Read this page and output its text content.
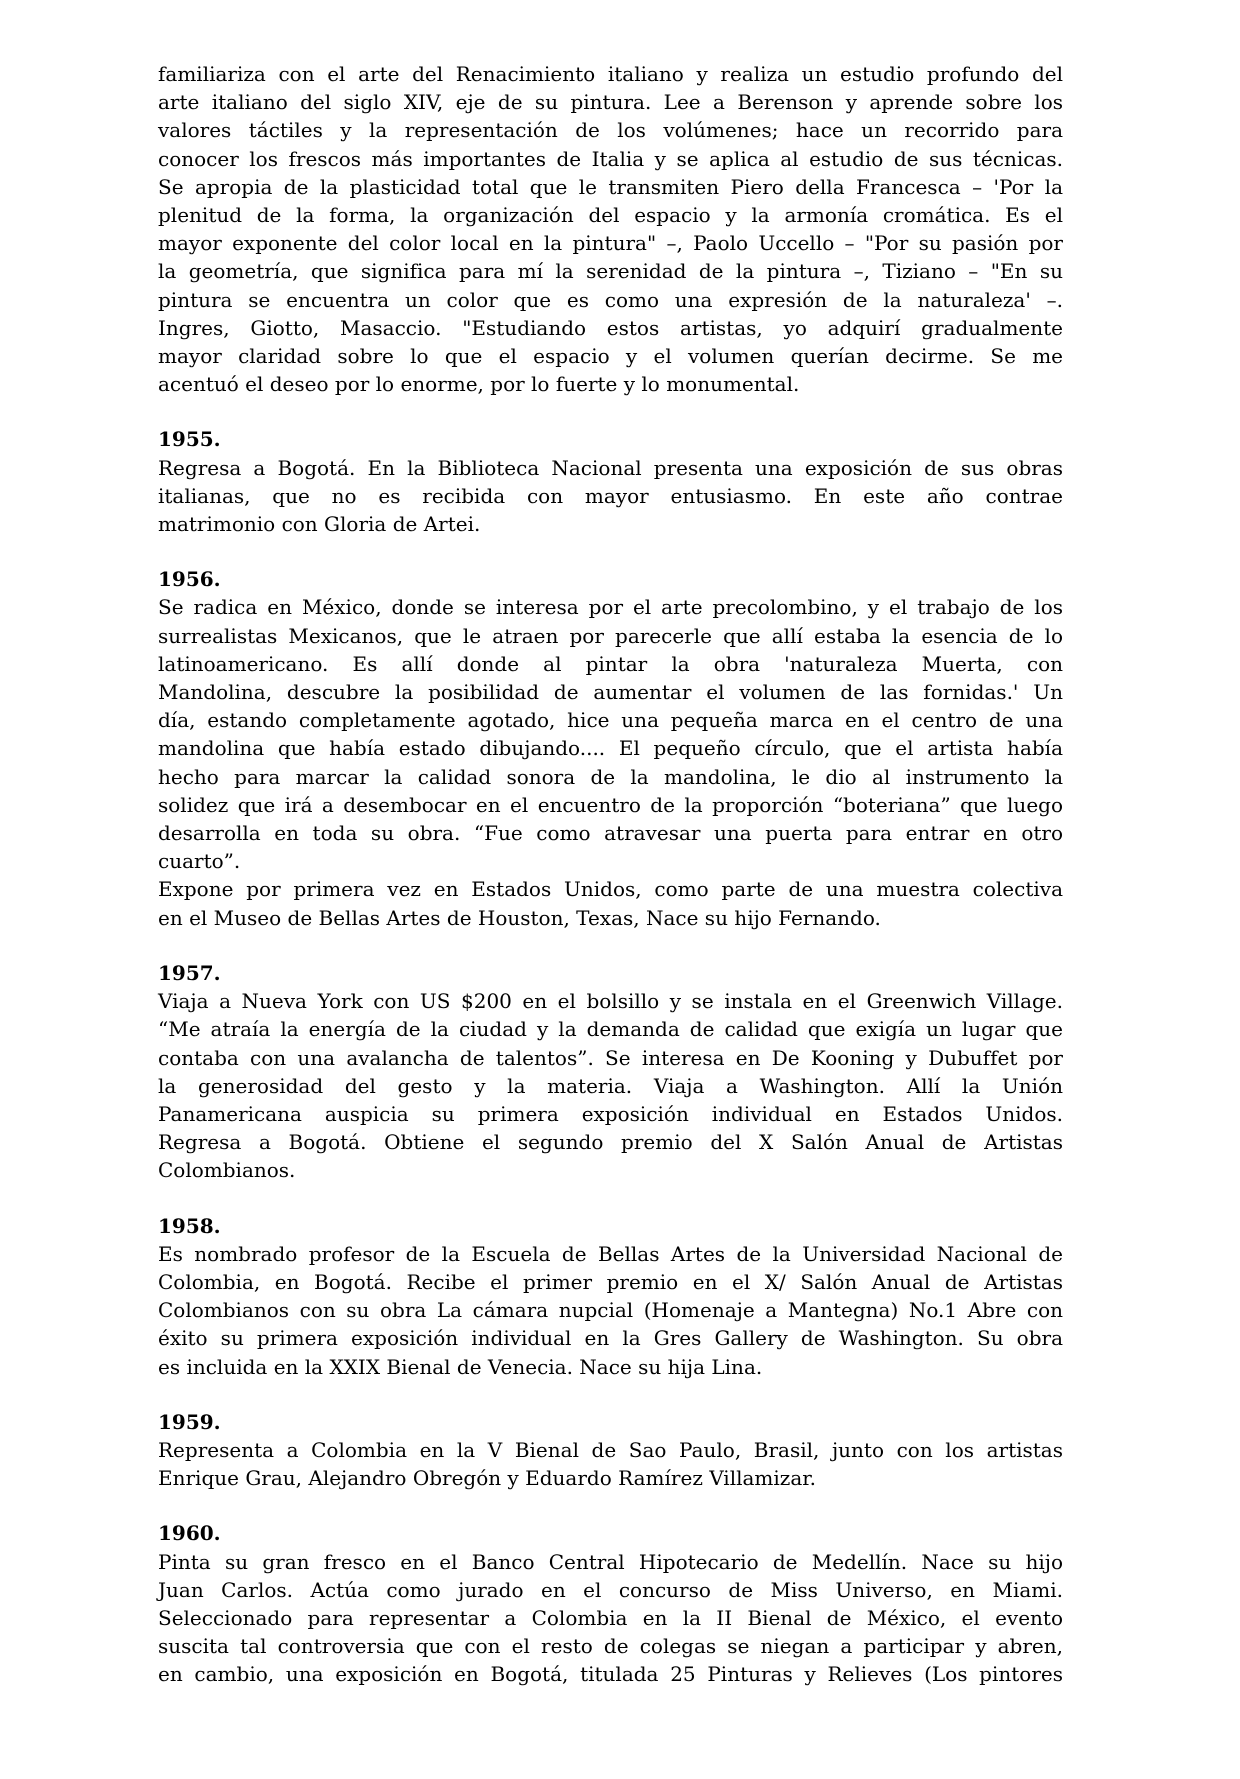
familiariza con el arte del Renacimiento italiano y realiza un estudio profundo del
arte italiano del siglo XIV, eje de su pintura. Lee a Berenson y aprende sobre los
valores táctiles y la representación de los volúmenes; hace un recorrido para
conocer los frescos más importantes de Italia y se aplica al estudio de sus técnicas.
Se apropia de la plasticidad total que le transmiten Piero della Francesca – 'Por la
plenitud de la forma, la organización del espacio y la armonía cromática. Es el
mayor exponente del color local en la pintura" –, Paolo Uccello – "Por su pasión por
la geometría, que significa para mí la serenidad de la pintura –, Tiziano – "En su
pintura se encuentra un color que es como una expresión de la naturaleza' –.
Ingres, Giotto, Masaccio. "Estudiando estos artistas, yo adquirí gradualmente
mayor claridad sobre lo que el espacio y el volumen querían decirme. Se me
acentuó el deseo por lo enorme, por lo fuerte y lo monumental.
1955.
Regresa a Bogotá. En la Biblioteca Nacional presenta una exposición de sus obras
italianas, que no es recibida con mayor entusiasmo. En este año contrae
matrimonio con Gloria de Artei.
1956.
Se radica en México, donde se interesa por el arte precolombino, y el trabajo de los
surrealistas Mexicanos, que le atraen por parecerle que allí estaba la esencia de lo
latinoamericano. Es allí donde al pintar la obra 'naturaleza Muerta, con
Mandolina, descubre la posibilidad de aumentar el volumen de las fornidas.' Un
día, estando completamente agotado, hice una pequeña marca en el centro de una
mandolina que había estado dibujando.... El pequeño círculo, que el artista había
hecho para marcar la calidad sonora de la mandolina, le dio al instrumento la
solidez que irá a desembocar en el encuentro de la proporción “boteriana” que luego
desarrolla en toda su obra. “Fue como atravesar una puerta para entrar en otro
cuarto”.
Expone por primera vez en Estados Unidos, como parte de una muestra colectiva
en el Museo de Bellas Artes de Houston, Texas, Nace su hijo Fernando.
1957.
Viaja a Nueva York con US $200 en el bolsillo y se instala en el Greenwich Village.
“Me atraía la energía de la ciudad y la demanda de calidad que exigía un lugar que
contaba con una avalancha de talentos”. Se interesa en De Kooning y Dubuffet por
la generosidad del gesto y la materia. Viaja a Washington. Allí la Unión
Panamericana auspicia su primera exposición individual en Estados Unidos.
Regresa a Bogotá. Obtiene el segundo premio del X Salón Anual de Artistas
Colombianos.
1958.
Es nombrado profesor de la Escuela de Bellas Artes de la Universidad Nacional de
Colombia, en Bogotá. Recibe el primer premio en el X/ Salón Anual de Artistas
Colombianos con su obra La cámara nupcial (Homenaje a Mantegna) No.1 Abre con
éxito su primera exposición individual en la Gres Gallery de Washington. Su obra
es incluida en la XXIX Bienal de Venecia. Nace su hija Lina.
1959.
Representa a Colombia en la V Bienal de Sao Paulo, Brasil, junto con los artistas
Enrique Grau, Alejandro Obregón y Eduardo Ramírez Villamizar.
1960.
Pinta su gran fresco en el Banco Central Hipotecario de Medellín. Nace su hijo
Juan Carlos. Actúa como jurado en el concurso de Miss Universo, en Miami.
Seleccionado para representar a Colombia en la II Bienal de México, el evento
suscita tal controversia que con el resto de colegas se niegan a participar y abren,
en cambio, una exposición en Bogotá, titulada 25 Pinturas y Relieves (Los pintores
